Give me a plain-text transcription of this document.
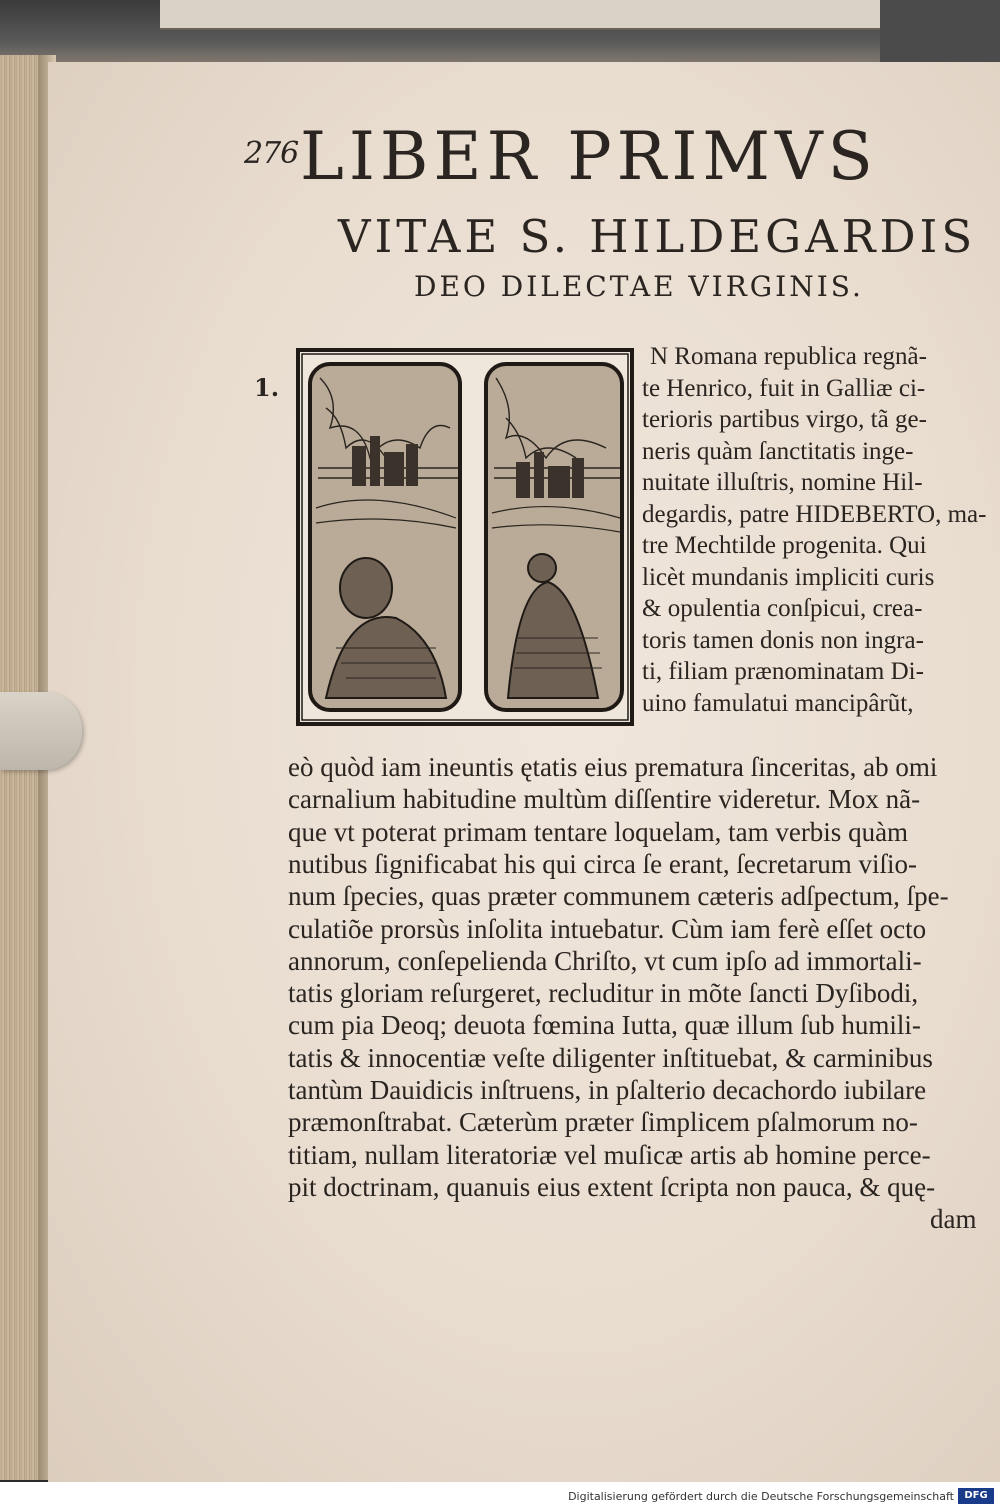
276 LIBER PRIMVS
VITAE S. HILDEGARDIS
DEO DILECTAE VIRGINIS.
1.
N Romana republica regnã-
te Henrico, fuit in Galliæ ci-
terioris partibus virgo, tã ge-
neris quàm ſanctitatis inge-
nuitate illuſtris, nomine Hil-
degardis, patre HIDEBERTO, ma-
tre Mechtilde progenita. Qui
licèt mundanis impliciti curis
& opulentia conſpicui, crea-
toris tamen donis non ingra-
ti, filiam prænominatam Di-
uino famulatui mancipârũt,
eò quòd iam ineuntis ętatis eius prematura ſinceritas, ab omi
carnalium habitudine multùm diſſentire videretur. Mox nã-
que vt poterat primam tentare loquelam, tam verbis quàm
nutibus ſignificabat his qui circa ſe erant, ſecretarum viſio-
num ſpecies, quas præter communem cæteris adſpectum, ſpe-
culatiõe prorsùs inſolita intuebatur. Cùm iam ferè eſſet octo
annorum, conſepelienda Chriſto, vt cum ipſo ad immortali-
tatis gloriam reſurgeret, recluditur in mõte ſancti Dyſibodi,
cum pia Deoq; deuota fœmina Iutta, quæ illum ſub humili-
tatis & innocentiæ veſte diligenter inſtituebat, & carminibus
tantùm Dauidicis inſtruens, in pſalterio decachordo iubilare
præmonſtrabat. Cæterùm præter ſimplicem pſalmorum no-
titiam, nullam literatoriæ vel muſicæ artis ab homine perce-
pit doctrinam, quanuis eius extent ſcripta non pauca, & quę-
dam
Digitalisierung gefördert durch die Deutsche Forschungsgemeinschaft	DFG
